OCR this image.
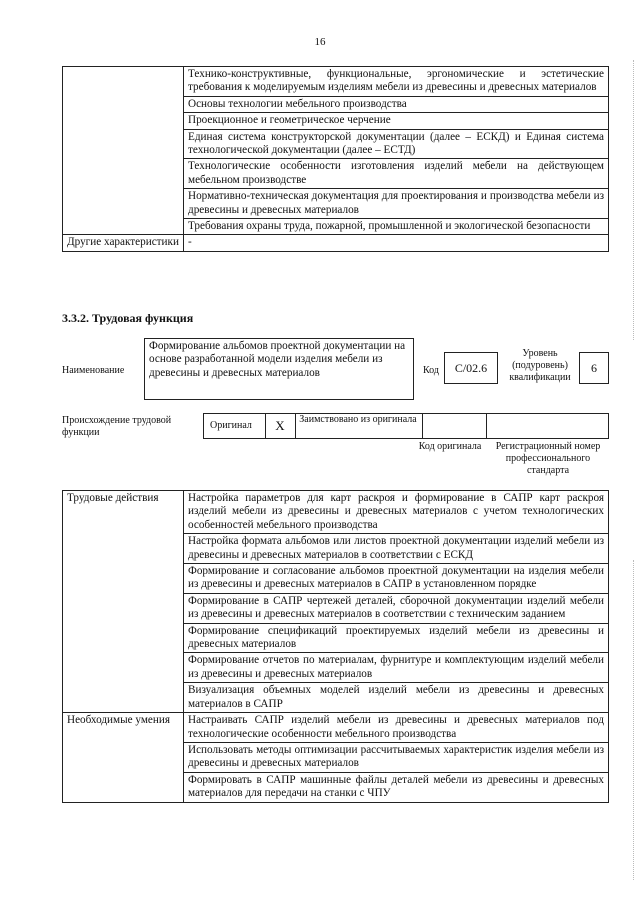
16
	Технико-конструктивные, функциональные, эргономические и эстетические требования к моделируемым изделиям мебели из древесины и древесных материалов
	Основы технологии мебельного производства
	Проекционное и геометрическое черчение
	Единая система конструкторской документации (далее – ЕСКД) и Единая система технологической документации (далее – ЕСТД)
	Технологические особенности изготовления изделий мебели на действующем мебельном производстве
	Нормативно-техническая документация для проектирования и производства мебели из древесины и древесных материалов
	Требования охраны труда, пожарной, промышленной и экологической безопасности
Другие характеристики	-
3.3.2. Трудовая функция
Наименование
Формирование альбомов проектной документации на основе разработанной модели изделия мебели из древесины и древесных материалов	Код	C/02.6
Уровень (подуровень) квалификации
6
Происхождение трудовой функции
Оригинал	X	Заимствовано из оригинала
Код оригинала	Регистрационный номер профессионального стандарта
Трудовые действия	Настройка параметров для карт раскроя и формирование в САПР карт раскроя изделий мебели из древесины и древесных материалов с учетом технологических особенностей мебельного производства
	Настройка формата альбомов или листов проектной документации изделий мебели из древесины и древесных материалов в соответствии с ЕСКД
	Формирование и согласование альбомов проектной документации на изделия мебели из древесины и древесных материалов в САПР в установленном порядке
	Формирование в САПР чертежей деталей, сборочной документации изделий мебели из древесины и древесных материалов в соответствии с техническим заданием
	Формирование спецификаций проектируемых изделий мебели из древесины и древесных материалов
	Формирование отчетов по материалам, фурнитуре и комплектующим изделий мебели из древесины и древесных материалов
	Визуализация объемных моделей изделий мебели из древесины и древесных материалов в САПР
Необходимые умения	Настраивать САПР изделий мебели из древесины и древесных материалов под технологические особенности мебельного производства
	Использовать методы оптимизации рассчитываемых характеристик изделия мебели из древесины и древесных материалов
	Формировать в САПР машинные файлы деталей мебели из древесины и древесных материалов для передачи на станки с ЧПУ
